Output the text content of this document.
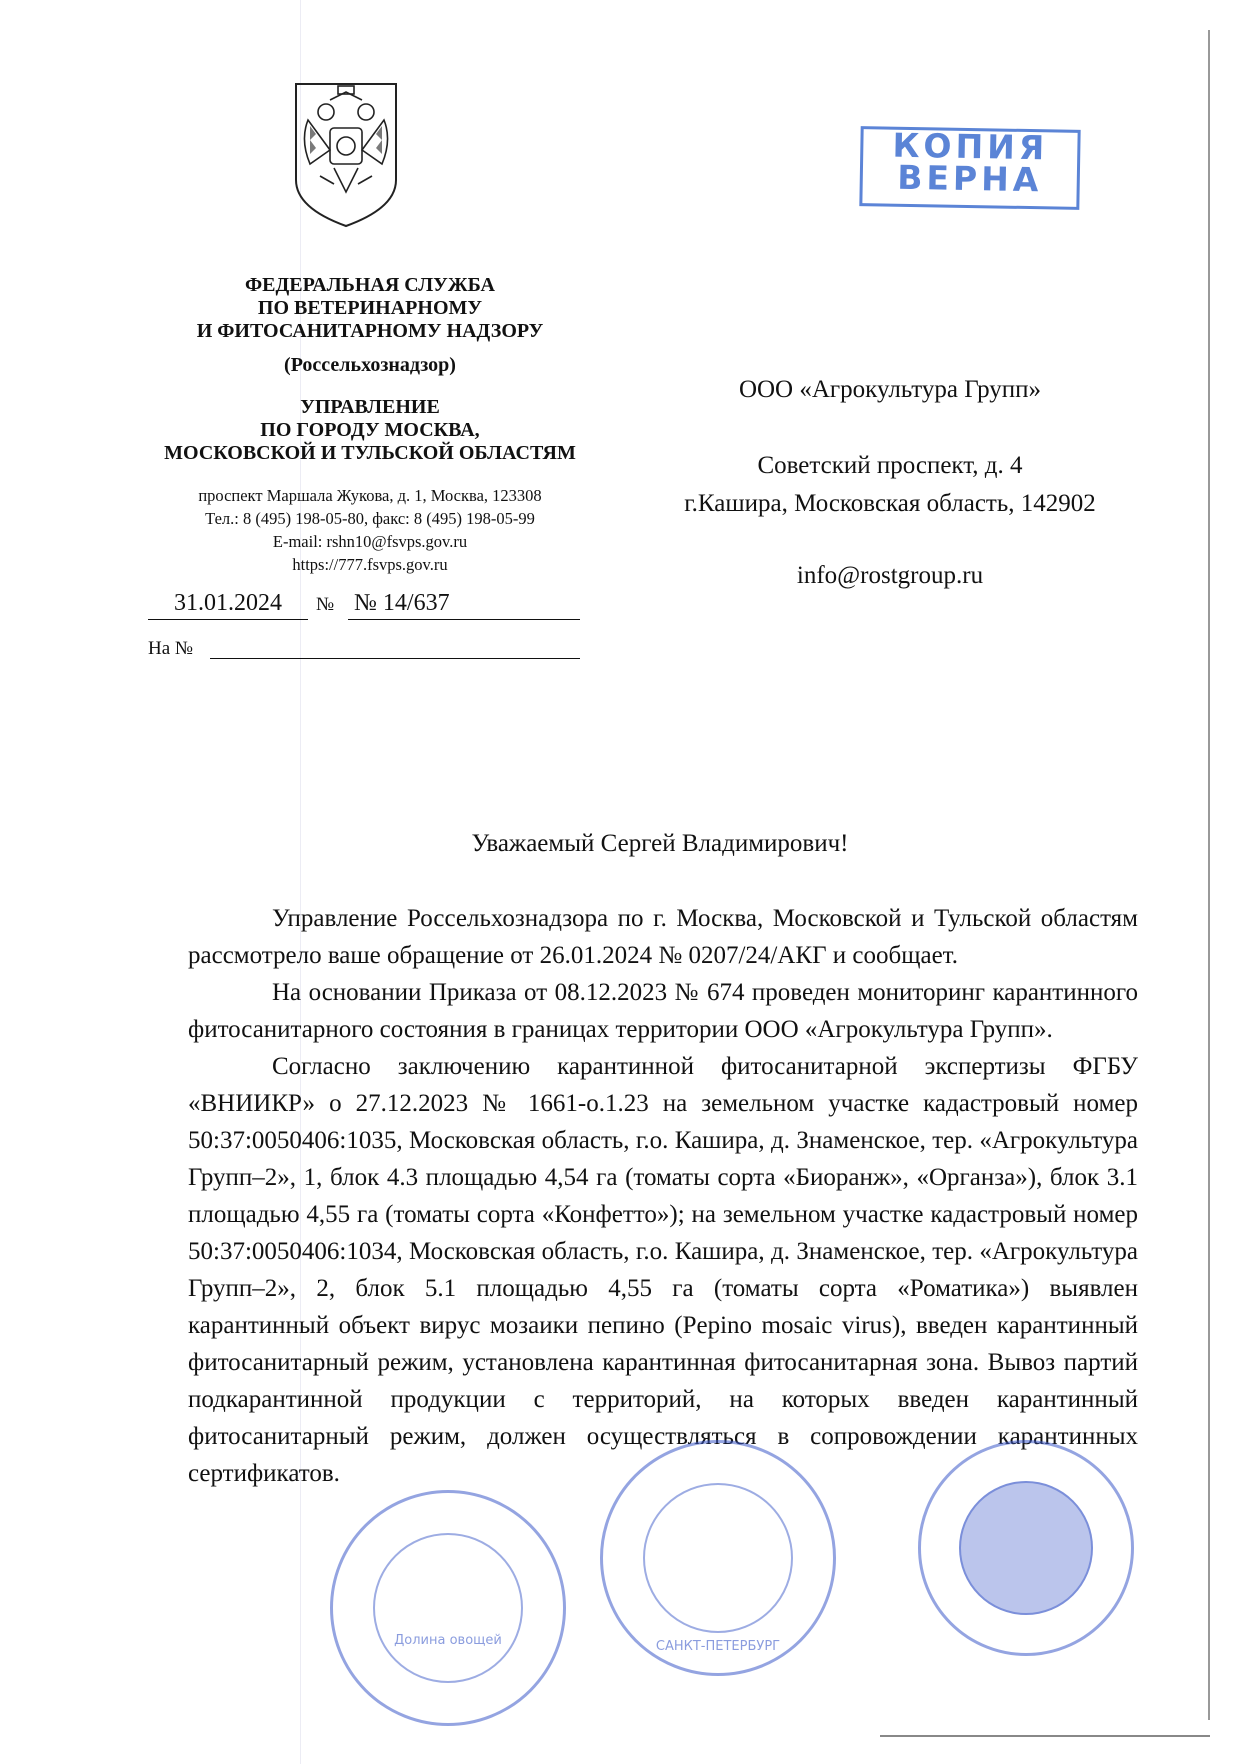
КОПИЯ
ВЕРНА
ФЕДЕРАЛЬНАЯ СЛУЖБА
ПО ВЕТЕРИНАРНОМУ
И ФИТОСАНИТАРНОМУ НАДЗОРУ
(Россельхознадзор)
УПРАВЛЕНИЕ
ПО ГОРОДУ МОСКВА,
МОСКОВСКОЙ И ТУЛЬСКОЙ ОБЛАСТЯМ
проспект Маршала Жукова, д. 1, Москва, 123308
Тел.: 8 (495) 198-05-80, факс: 8 (495) 198-05-99
E-mail: rshn10@fsvps.gov.ru
https://777.fsvps.gov.ru
31.01.2024 № № 14/637
На №
ООО «Агрокультура Групп»
Советский проспект, д. 4
г.Кашира, Московская область, 142902
info@rostgroup.ru
Уважаемый Сергей Владимирович!

Управление Россельхознадзора по г. Москва, Московской и Тульской областям рассмотрело ваше обращение от 26.01.2024 № 0207/24/АКГ и сообщает.

На основании Приказа от 08.12.2023 № 674 проведен мониторинг карантинного фитосанитарного состояния в границах территории ООО «Агрокультура Групп».

Согласно заключению карантинной фитосанитарной экспертизы ФГБУ «ВНИИКР» о 27.12.2023 № 1661-о.1.23 на земельном участке кадастровый номер 50:37:0050406:1035, Московская область, г.о. Кашира, д. Знаменское, тер. «Агрокультура Групп–2», 1, блок 4.3 площадью 4,54 га (томаты сорта «Биоранж», «Органза»), блок 3.1 площадью 4,55 га (томаты сорта «Конфетто»); на земельном участке кадастровый номер 50:37:0050406:1034, Московская область, г.о. Кашира, д. Знаменское, тер. «Агрокультура Групп–2», 2, блок 5.1 площадью 4,55 га (томаты сорта «Роматика») выявлен карантинный объект вирус мозаики пепино (Pepino mosaic virus), введен карантинный фитосанитарный режим, установлена карантинная фитосанитарная зона. Вывоз партий подкарантинной продукции с территорий, на которых введен карантинный фитосанитарный режим, должен осуществляться в сопровождении карантинных сертификатов.

Долина овощей	САНКТ-ПЕТЕРБУРГ
